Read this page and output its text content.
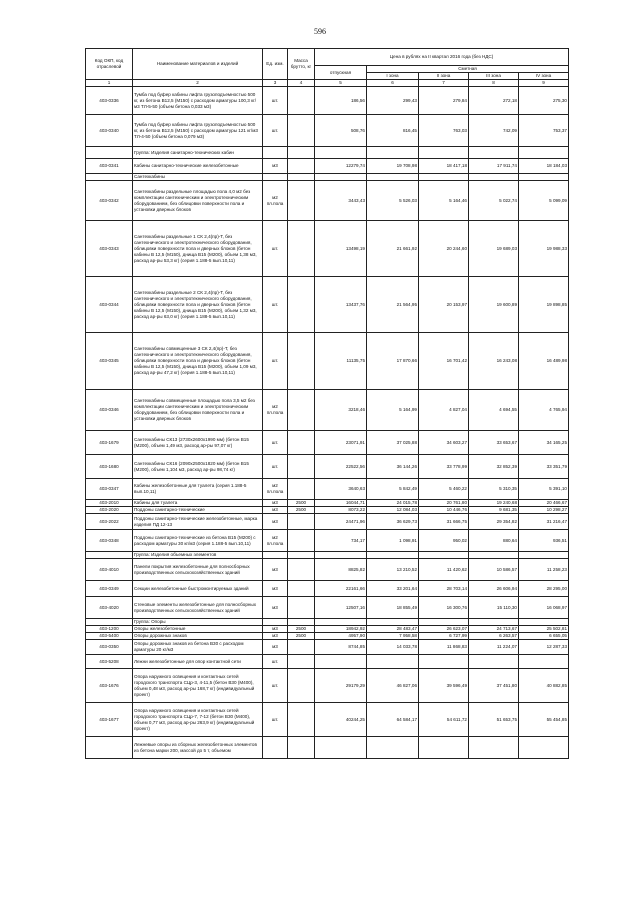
596
Код ОКП, код отраслевой	Наименование материалов и изделий	Ед. изм.	Масса брутто, кг	Цена в рублях на II квартал 2016 года (без НДС)				
				отпускная	Сметная			
					I зона	II зона	III зона	IV зона
1	2	3	4	5	6	7	8	9
403-0336	Тумба под буфер кабины лифта грузоподъемностью 500 кг, из бетона В12,5 (М150) с расходом арматуры 100,3 кг/м3 ТЛ-5-50 (объем бетона 0,033 м3)	шт.		186,56	299,43	279,84	272,18	275,30
403-0340	Тумба под буфер кабины лифта грузоподъемностью 500 кг, из бетона В12,5 (М150) с расходом арматуры 121 кг/м3 ТЛ-4-50 (объем бетона 0,079 м3)	шт.		508,76	816,45	763,03	742,09	753,37
	Группа: Изделия санитарно-технических кабин							
403-0341	Кабины санитарно-технические железобетонные	м3		12279,74	19 708,98	18 417,18	17 911,74	18 184,03
	Сантехкабины							
403-0342	Сантехкабины раздельные площадью пола 4,0 м2 без комплектации сантехническим и электротехническим оборудованием, без облицовки поверхности пола и установки дверных блоков	м2 пл.пола		3443,43	5 526,03	5 164,46	5 022,74	5 099,09
403-0343	Сантехкабины раздельные 1 СК 2,4(пр)-Т, без сантехнического и электротехнического оборудования, облицовки поверхности пола и дверных блоков (бетон кабины В 12,5 (М150), днища В15 (М200), объем 1,38 м3, расход ар-ры 53,3 кг) (серия 1.188-5 вып.10,11)	шт.		13498,19	21 661,92	20 244,60	19 689,03	19 988,33
403-0344	Сантехкабины раздельные 2 СК 2,4(пр)-Т, без сантехнического и электротехнического оборудования, облицовки поверхности пола и дверных блоков (бетон кабины В 12,5 (М150), днища В15 (М200), объем 1,32 м3, расход ар-ры 63,0 кг) (серия 1.188-5 вып.10,11)	шт.		13437,76	21 564,95	20 153,97	19 600,89	19 898,85
403-0345	Сантехкабины совмещенные 3 СК 2,4(пр)-Т, без сантехнического и электротехнического оборудования, облицовки поверхности пола и дверных блоков (бетон кабины В 12,5 (М150), днища В15 (М200), объем 1,09 м3, расход ар-ры 47,2 кг) (серия 1.188-5 вып.10,11)	шт.		11135,75	17 870,66	16 701,42	16 243,08	16 489,98
403-0346	Сантехкабины совмещенные площадью пола 3,5 м2 без комплектации сантехническим и электротехническим оборудованием, без облицовки поверхности пола и установки дверных блоков	м2 пл.пола		3218,46	5 164,99	4 827,04	4 694,55	4 765,94
403-1679	Сантехкабины СК13 (2730х2600х1990 мм) (бетон В15 (М200), объем 1,49 м3, расход ар-ры 97,07 кг)	шт.		23071,91	37 025,88	34 603,27	33 653,67	34 165,25
403-1680	Сантехкабины СК16 (2090х2500х1820 мм) (бетон В15 (М200), объем 1,104 м3, расход ар-ры 98,74 кг)	шт.		22522,56	36 144,26	33 778,99	32 852,39	33 351,79
403-0347	Кабины железобетонные для туалета (серия 1.188-5 вып.10,11)	м2 пл.пола		3640,63	5 842,49	5 460,22	5 310,35	5 391,10
403-2010	Кабины для туалета	м3	2500	16044,71	24 015,78	20 761,80	19 240,68	20 466,67
403-2020	Поддоны санитарно-технические	м3	2500	8073,22	12 084,03	10 446,76	9 681,35	10 298,27
403-2022	Поддоны санитарно-технические железобетонные, марка изделия ПД 12-13	м3		24471,96	36 629,73	31 666,75	29 354,82	31 216,47
403-0348	Поддоны санитарно-технические из бетона В15 (М200) с расходом арматуры 30 кг/м3 (серия 1.188-5 вып.10,11)	м2 пл.пола		734,17	1 098,91	950,02	880,64	936,51
	Группа: Изделия объемных элементов							
403-4010	Панели покрытия железобетонные для полносборных производственных сельскохозяйственных зданий	м3		8825,82	13 210,52	11 420,62	10 586,57	11 258,23
403-0349	Секции железобетонные быстромонтируемых зданий	м3		22161,66	33 201,64	28 703,14	26 606,94	28 295,00
403-4020	Стеновые элементы железобетонные для полносборных производственных сельскохозяйственных зданий	м3		12507,16	18 855,49	16 300,76	15 110,30	16 068,97
	Группа: Опоры							
403-1200	Опоры железобетонные	м3	2500	18942,92	28 483,47	26 623,07	24 713,67	25 502,81
403-5400	Опоры дорожных знаков	м3	2500	4957,90	7 958,58	6 727,99	6 263,57	6 655,05
403-0350	Опоры дорожных знаков из бетона В30 с расходом арматуры 20 кг/м3	м3		8744,85	14 033,78	11 868,83	11 224,07	12 287,33
403-5208	Лежни железобетонные для опор контактной сети	шт.						
403-1676	Опора наружного освещения и контактных сетей городского транспорта СЦр-3, 4-11,5 (бетон В30 (М400), объем 0,48 м3, расход ар-ры 168,7 кг) (индивидуальный проект)	шт.		29179,29	46 827,06	39 596,49	37 451,80	40 882,85
403-1677	Опора наружного освещения и контактных сетей городского транспорта СЦр-7, 7-12 (бетон В30 (М400), объем 0,77 м3, расход ар-ры 263,9 кг) (индивидуальный проект)	шт.		40244,25	64 584,17	54 611,72	51 653,75	55 454,85
	Лежневые опоры из сборных железобетонных элементов из бетона марки 200, массой до 5 т, объемом							
